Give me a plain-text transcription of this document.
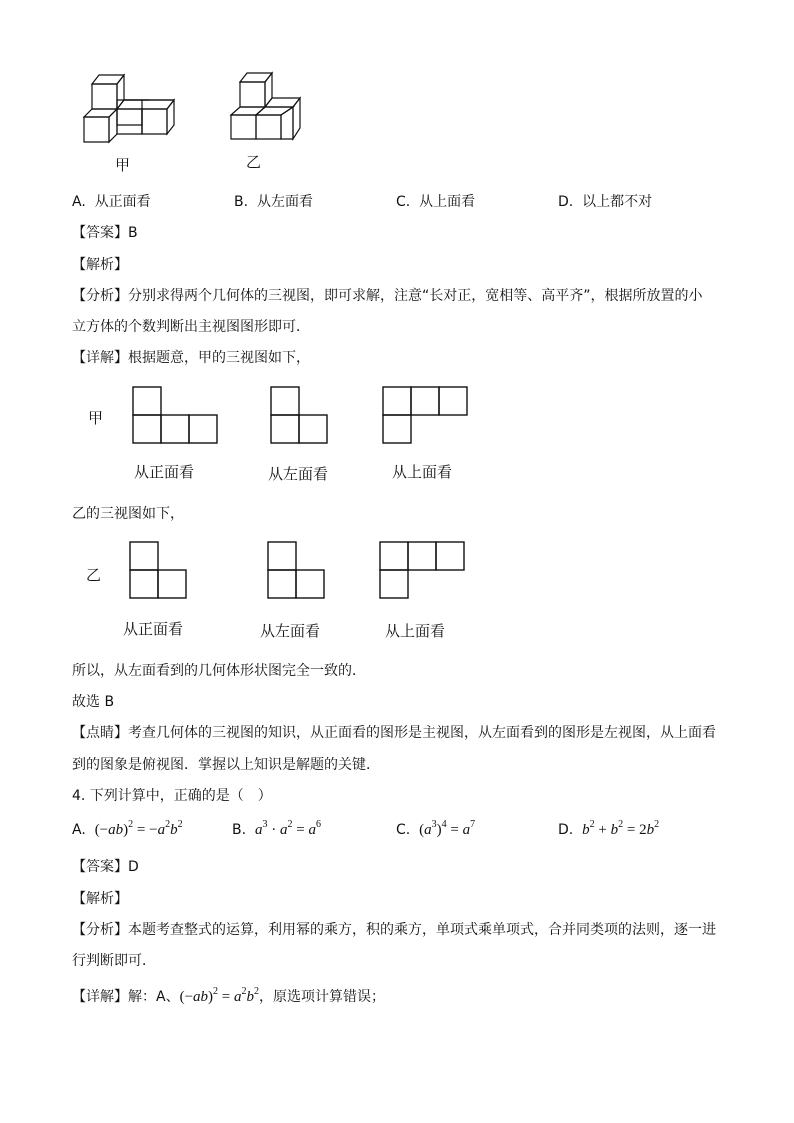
甲	乙
A. 从正面看	B. 从左面看	C. 从上面看	D. 以上都不对
【答案】B
【解析】
【分析】分别求得两个几何体的三视图，即可求解，注意“长对正，宽相等、高平齐”，根据所放置的小
立方体的个数判断出主视图图形即可．
【详解】根据题意，甲的三视图如下，
甲
从正面看	从左面看	从上面看
乙的三视图如下，
乙
从正面看	从左面看	从上面看
所以，从左面看到的几何体形状图完全一致的．
故选 B
【点睛】考查几何体的三视图的知识，从正面看的图形是主视图，从左面看到的图形是左视图，从上面看
到的图象是俯视图．掌握以上知识是解题的关键．
4. 下列计算中，正确的是（　）
A. $(-ab)^2 = -a^2b^2$	B. $a^3 \cdot a^2 = a^6$	C. $(a^3)^4 = a^7$	D. $b^2 + b^2 = 2b^2$
【答案】D
【解析】
【分析】本题考查整式的运算，利用幂的乘方，积的乘方，单项式乘单项式，合并同类项的法则，逐一进
行判断即可．
【详解】解：A、$(-ab)^2 = a^2b^2$，原选项计算错误；
